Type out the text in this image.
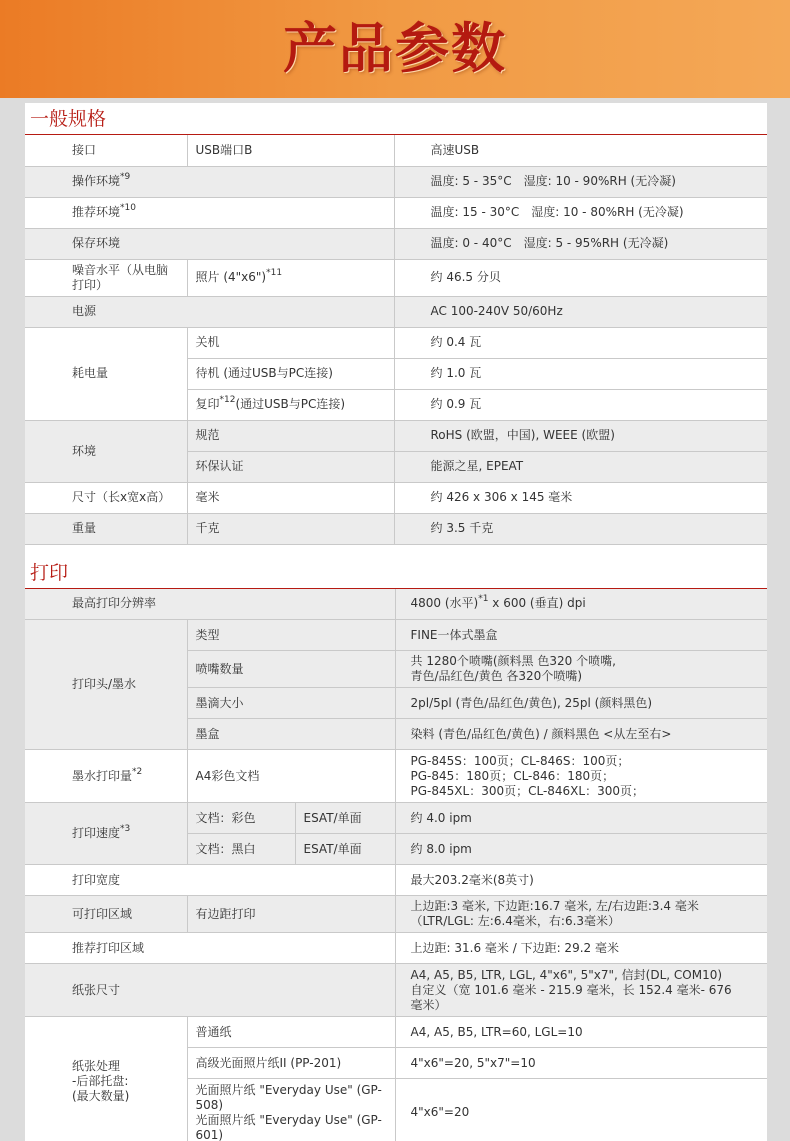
产品参数
一般规格
接口	USB端口B	高速USB
操作环境$^{*9}$		温度: 5 - 35°C　湿度: 10 - 90%RH (无冷凝)
推荐环境$^{*10}$		温度: 15 - 30°C　湿度: 10 - 80%RH (无冷凝)
保存环境		温度: 0 - 40°C　湿度: 5 - 95%RH (无冷凝)
噪音水平（从电脑打印）	照片 (4"x6")$^{*11}$	约 46.5 分贝
电源		AC 100-240V 50/60Hz
耗电量	关机	约 0.4 瓦
	待机 (通过USB与PC连接)	约 1.0 瓦
	复印$^{*12}$(通过USB与PC连接)	约 0.9 瓦
环境	规范	RoHS (欧盟，中国), WEEE (欧盟)
	环保认证	能源之星, EPEAT
尺寸（长x宽x高）	毫米	约 426 x 306 x 145 毫米
重量	千克	约 3.5 千克
打印
最高打印分辨率			4800 (水平)$^{*1}$ x 600 (垂直) dpi
打印头/墨水	类型		FINE一体式墨盒
	喷嘴数量		共 1280个喷嘴(颜料黑 色320 个喷嘴,
青色/品红色/黄色 各320个喷嘴)

	墨滴大小		2pl/5pl (青色/品红色/黄色), 25pl (颜料黑色)
	墨盒		染料 (青色/品红色/黄色) / 颜料黑色 <从左至右>
墨水打印量$^{*2}$	A4彩色文档		PG-845S：100页；CL-846S：100页；
PG-845：180页；CL-846：180页；
PG-845XL：300页；CL-846XL：300页；

打印速度$^{*3}$	文档：彩色	ESAT/单面	约 4.0 ipm
	文档：黑白	ESAT/单面	约 8.0 ipm
打印宽度			最大203.2毫米(8英寸)
可打印区域	有边距打印		上边距:3 毫米, 下边距:16.7 毫米, 左/右边距:3.4 毫米
（LTR/LGL: 左:6.4毫米，右:6.3毫米）

推荐打印区域			上边距: 31.6 毫米 / 下边距: 29.2 毫米
纸张尺寸			A4, A5, B5, LTR, LGL, 4"x6", 5"x7", 信封(DL, COM10)
自定义（宽 101.6 毫米 - 215.9 毫米，长 152.4 毫米- 676
毫米）

纸张处理
-后部托盘:
(最大数量)	普通纸		A4, A5, B5, LTR=60, LGL=10
	高级光面照片纸II (PP-201)		4"x6"=20, 5"x7"=10

	光面照片纸 "Everyday Use" (GP-
508)
光面照片纸 "Everyday Use" (GP-
601)		4"x6"=20
